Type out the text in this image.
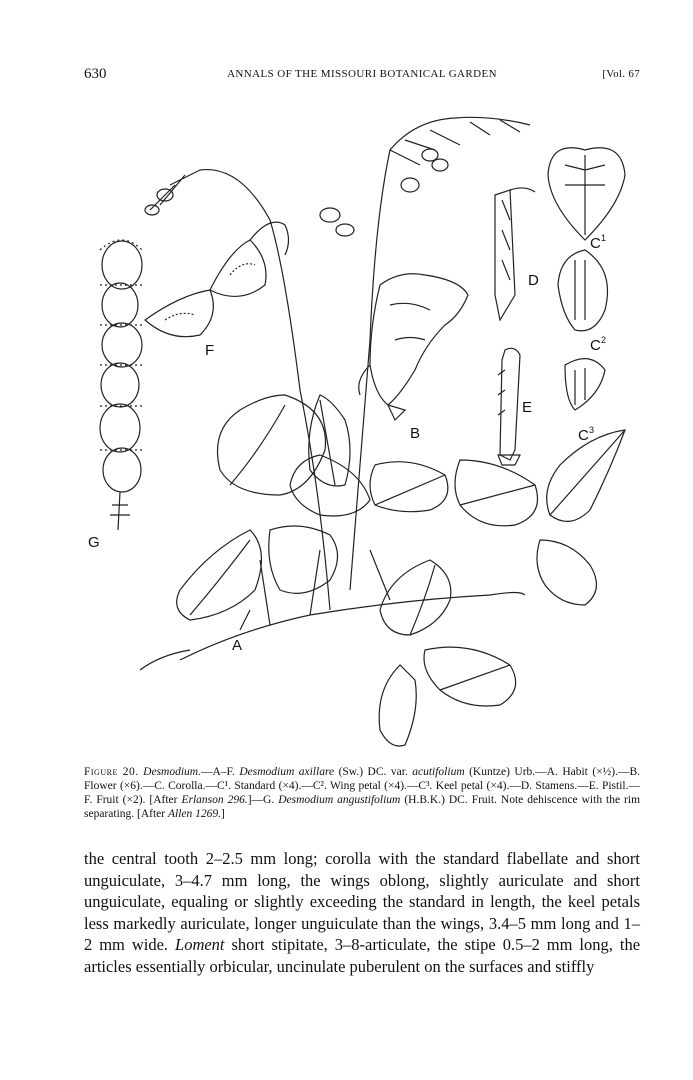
630	ANNALS OF THE MISSOURI BOTANICAL GARDEN	[Vol. 67
A
B
C 1
C 2
C 3
D
E
F
G
Figure 20. Desmodium.—A–F. Desmodium axillare (Sw.) DC. var. acutifolium (Kuntze) Urb.—A. Habit (×½).—B. Flower (×6).—C. Corolla.—C¹. Standard (×4).—C². Wing petal (×4).—C³. Keel petal (×4).—D. Stamens.—E. Pistil.—F. Fruit (×2). [After Erlanson 296.]—G. Desmodium angustifolium (H.B.K.) DC. Fruit. Note dehiscence with the rim separating. [After Allen 1269.]
the central tooth 2–2.5 mm long; corolla with the standard flabellate and short unguiculate, 3–4.7 mm long, the wings oblong, slightly auriculate and short unguiculate, equaling or slightly exceeding the standard in length, the keel petals less markedly auriculate, longer unguiculate than the wings, 3.4–5 mm long and 1–2 mm wide. Loment short stipitate, 3–8-articulate, the stipe 0.5–2 mm long, the articles essentially orbicular, uncinulate puberulent on the surfaces and stiffly
